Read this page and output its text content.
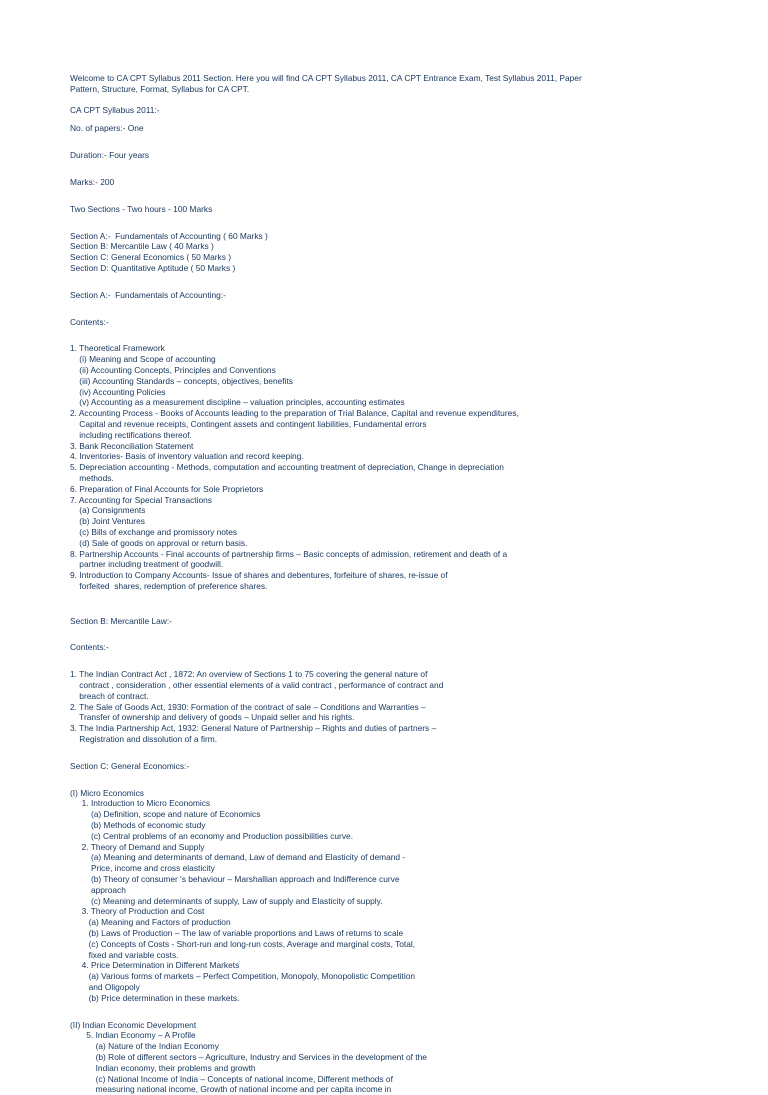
Welcome to CA CPT Syllabus 2011 Section. Here you will find CA CPT Syllabus 2011, CA CPT Entrance Exam, Test Syllabus 2011, Paper
Pattern, Structure, Format, Syllabus for CA CPT.
CA CPT Syllabus 2011:-
No. of papers:- One
Duration:- Four years
Marks:- 200
Two Sections - Two hours - 100 Marks
Section A:-  Fundamentals of Accounting ( 60 Marks )
Section B: Mercantile Law ( 40 Marks )
Section C: General Economics ( 50 Marks )
Section D: Quantitative Aptitude ( 50 Marks )
Section A:-  Fundamentals of Accounting:-
Contents:-
1. Theoretical Framework
(i) Meaning and Scope of accounting
(ii) Accounting Concepts, Principles and Conventions
(iii) Accounting Standards – concepts, objectives, benefits
(iv) Accounting Policies
(v) Accounting as a measurement discipline – valuation principles, accounting estimates
2. Accounting Process - Books of Accounts leading to the preparation of Trial Balance, Capital and revenue expenditures,
Capital and revenue receipts, Contingent assets and contingent liabilities, Fundamental errors
including rectifications thereof.
3. Bank Reconciliation Statement
4. Inventories- Basis of inventory valuation and record keeping.
5. Depreciation accounting - Methods, computation and accounting treatment of depreciation, Change in depreciation
methods.
6. Preparation of Final Accounts for Sole Proprietors
7. Accounting for Special Transactions
(a) Consignments
(b) Joint Ventures
(c) Bills of exchange and promissory notes
(d) Sale of goods on approval or return basis.
8. Partnership Accounts - Final accounts of partnership firms – Basic concepts of admission, retirement and death of a
partner including treatment of goodwill.
9. Introduction to Company Accounts- Issue of shares and debentures, forfeiture of shares, re-issue of
forfeited  shares, redemption of preference shares.
Section B: Mercantile Law:-
Contents:-
1. The Indian Contract Act , 1872: An overview of Sections 1 to 75 covering the general nature of
contract , consideration , other essential elements of a valid contract , performance of contract and
breach of contract.
2. The Sale of Goods Act, 1930: Formation of the contract of sale – Conditions and Warranties –
Transfer of ownership and delivery of goods – Unpaid seller and his rights.
3. The India Partnership Act, 1932: General Nature of Partnership – Rights and duties of partners –
Registration and dissolution of a firm.
Section C: General Economics:-
(I) Micro Economics
1. Introduction to Micro Economics
(a) Definition, scope and nature of Economics
(b) Methods of economic study
(c) Central problems of an economy and Production possibilities curve.
2. Theory of Demand and Supply
(a) Meaning and determinants of demand, Law of demand and Elasticity of demand -
Price, income and cross elasticity
(b) Theory of consumer 's behaviour – Marshallian approach and Indifference curve
approach
(c) Meaning and determinants of supply, Law of supply and Elasticity of supply.
3. Theory of Production and Cost
(a) Meaning and Factors of production
(b) Laws of Production – The law of variable proportions and Laws of returns to scale
(c) Concepts of Costs - Short-run and long-run costs, Average and marginal costs, Total,
fixed and variable costs.
4. Price Determination in Different Markets
(a) Various forms of markets – Perfect Competition, Monopoly, Monopolistic Competition
and Oligopoly
(b) Price determination in these markets.
(II) Indian Economic Development
5. Indian Economy – A Profile
(a) Nature of the Indian Economy
(b) Role of different sectors – Agriculture, Industry and Services in the development of the
Indian economy, their problems and growth
(c) National Income of India – Concepts of national income, Different methods of
measuring national income, Growth of national income and per capita income in
